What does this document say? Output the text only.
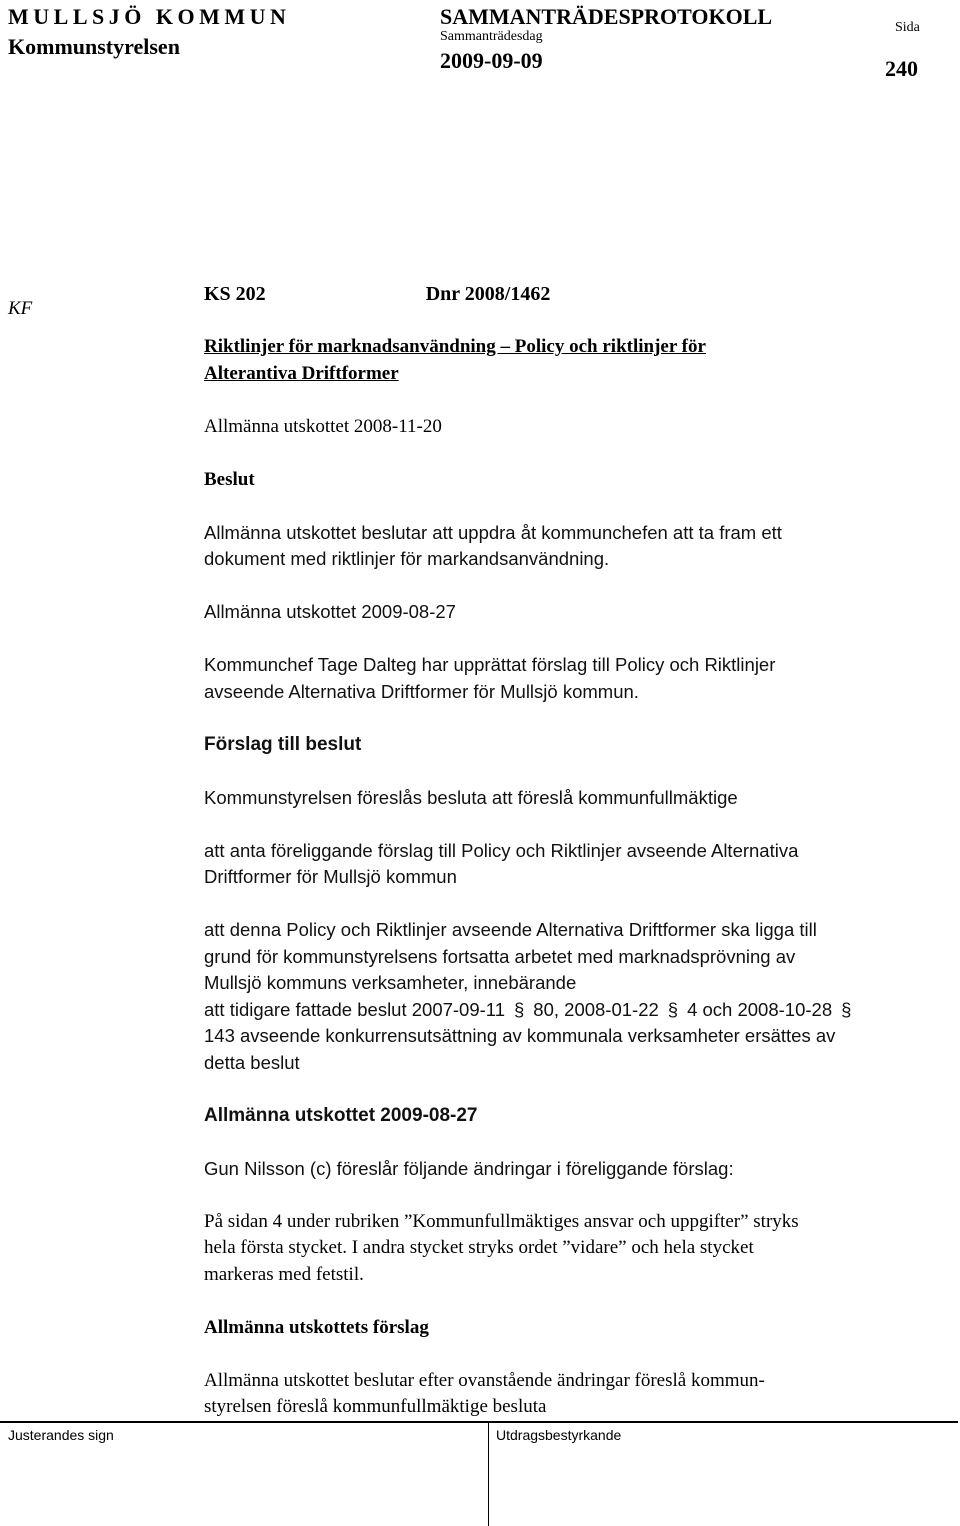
MULLSJÖ KOMMUN
Kommunstyrelsen
SAMMANTRÄDESPROTOKOLL
Sammanträdesdag
2009-09-09
Sida
240
KF

KS 202	Dnr 2008/1462

Riktlinjer för marknadsanvändning – Policy och riktlinjer för

Alterantiva Driftformer

Allmänna utskottet 2008-11-20

Beslut

Allmänna utskottet beslutar att uppdra åt kommunchefen att ta fram ett

dokument med riktlinjer för markandsanvändning.

Allmänna utskottet 2009-08-27

Kommunchef Tage Dalteg har upprättat förslag till Policy och Riktlinjer

avseende Alternativa Driftformer för Mullsjö kommun.

Förslag till beslut

Kommunstyrelsen föreslås besluta att föreslå kommunfullmäktige

att anta föreliggande förslag till Policy och Riktlinjer avseende Alternativa

Driftformer för Mullsjö kommun

att denna Policy och Riktlinjer avseende Alternativa Driftformer ska ligga till

grund för kommunstyrelsens fortsatta arbetet med marknadsprövning av

Mullsjö kommuns verksamheter, innebärande

att tidigare fattade beslut 2007-09-11 § 80, 2008-01-22 § 4 och 2008-10-28 §

143 avseende konkurrensutsättning av kommunala verksamheter ersättes av

detta beslut

Allmänna utskottet 2009-08-27

Gun Nilsson (c) föreslår följande ändringar i föreliggande förslag:

På sidan 4 under rubriken ”Kommunfullmäktiges ansvar och uppgifter” stryks

hela första stycket. I andra stycket stryks ordet ”vidare” och hela stycket

markeras med fetstil.

Allmänna utskottets förslag

Allmänna utskottet beslutar efter ovanstående ändringar föreslå kommun-

styrelsen föreslå kommunfullmäktige besluta

Justerandes sign	Utdragsbestyrkande
